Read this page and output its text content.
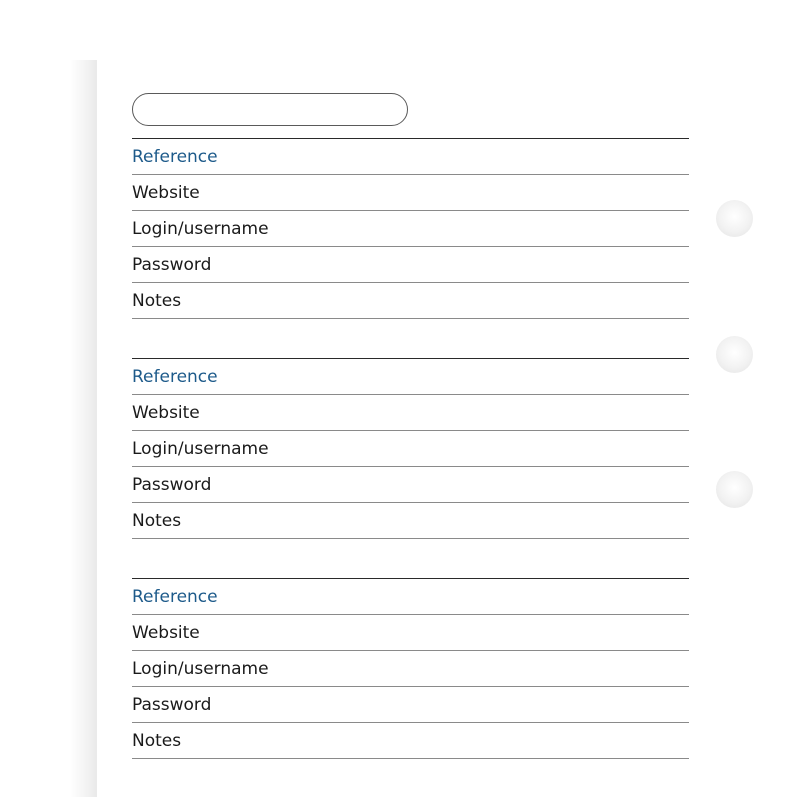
Reference
Website
Login/username
Password
Notes
Reference
Website
Login/username
Password
Notes
Reference
Website
Login/username
Password
Notes
